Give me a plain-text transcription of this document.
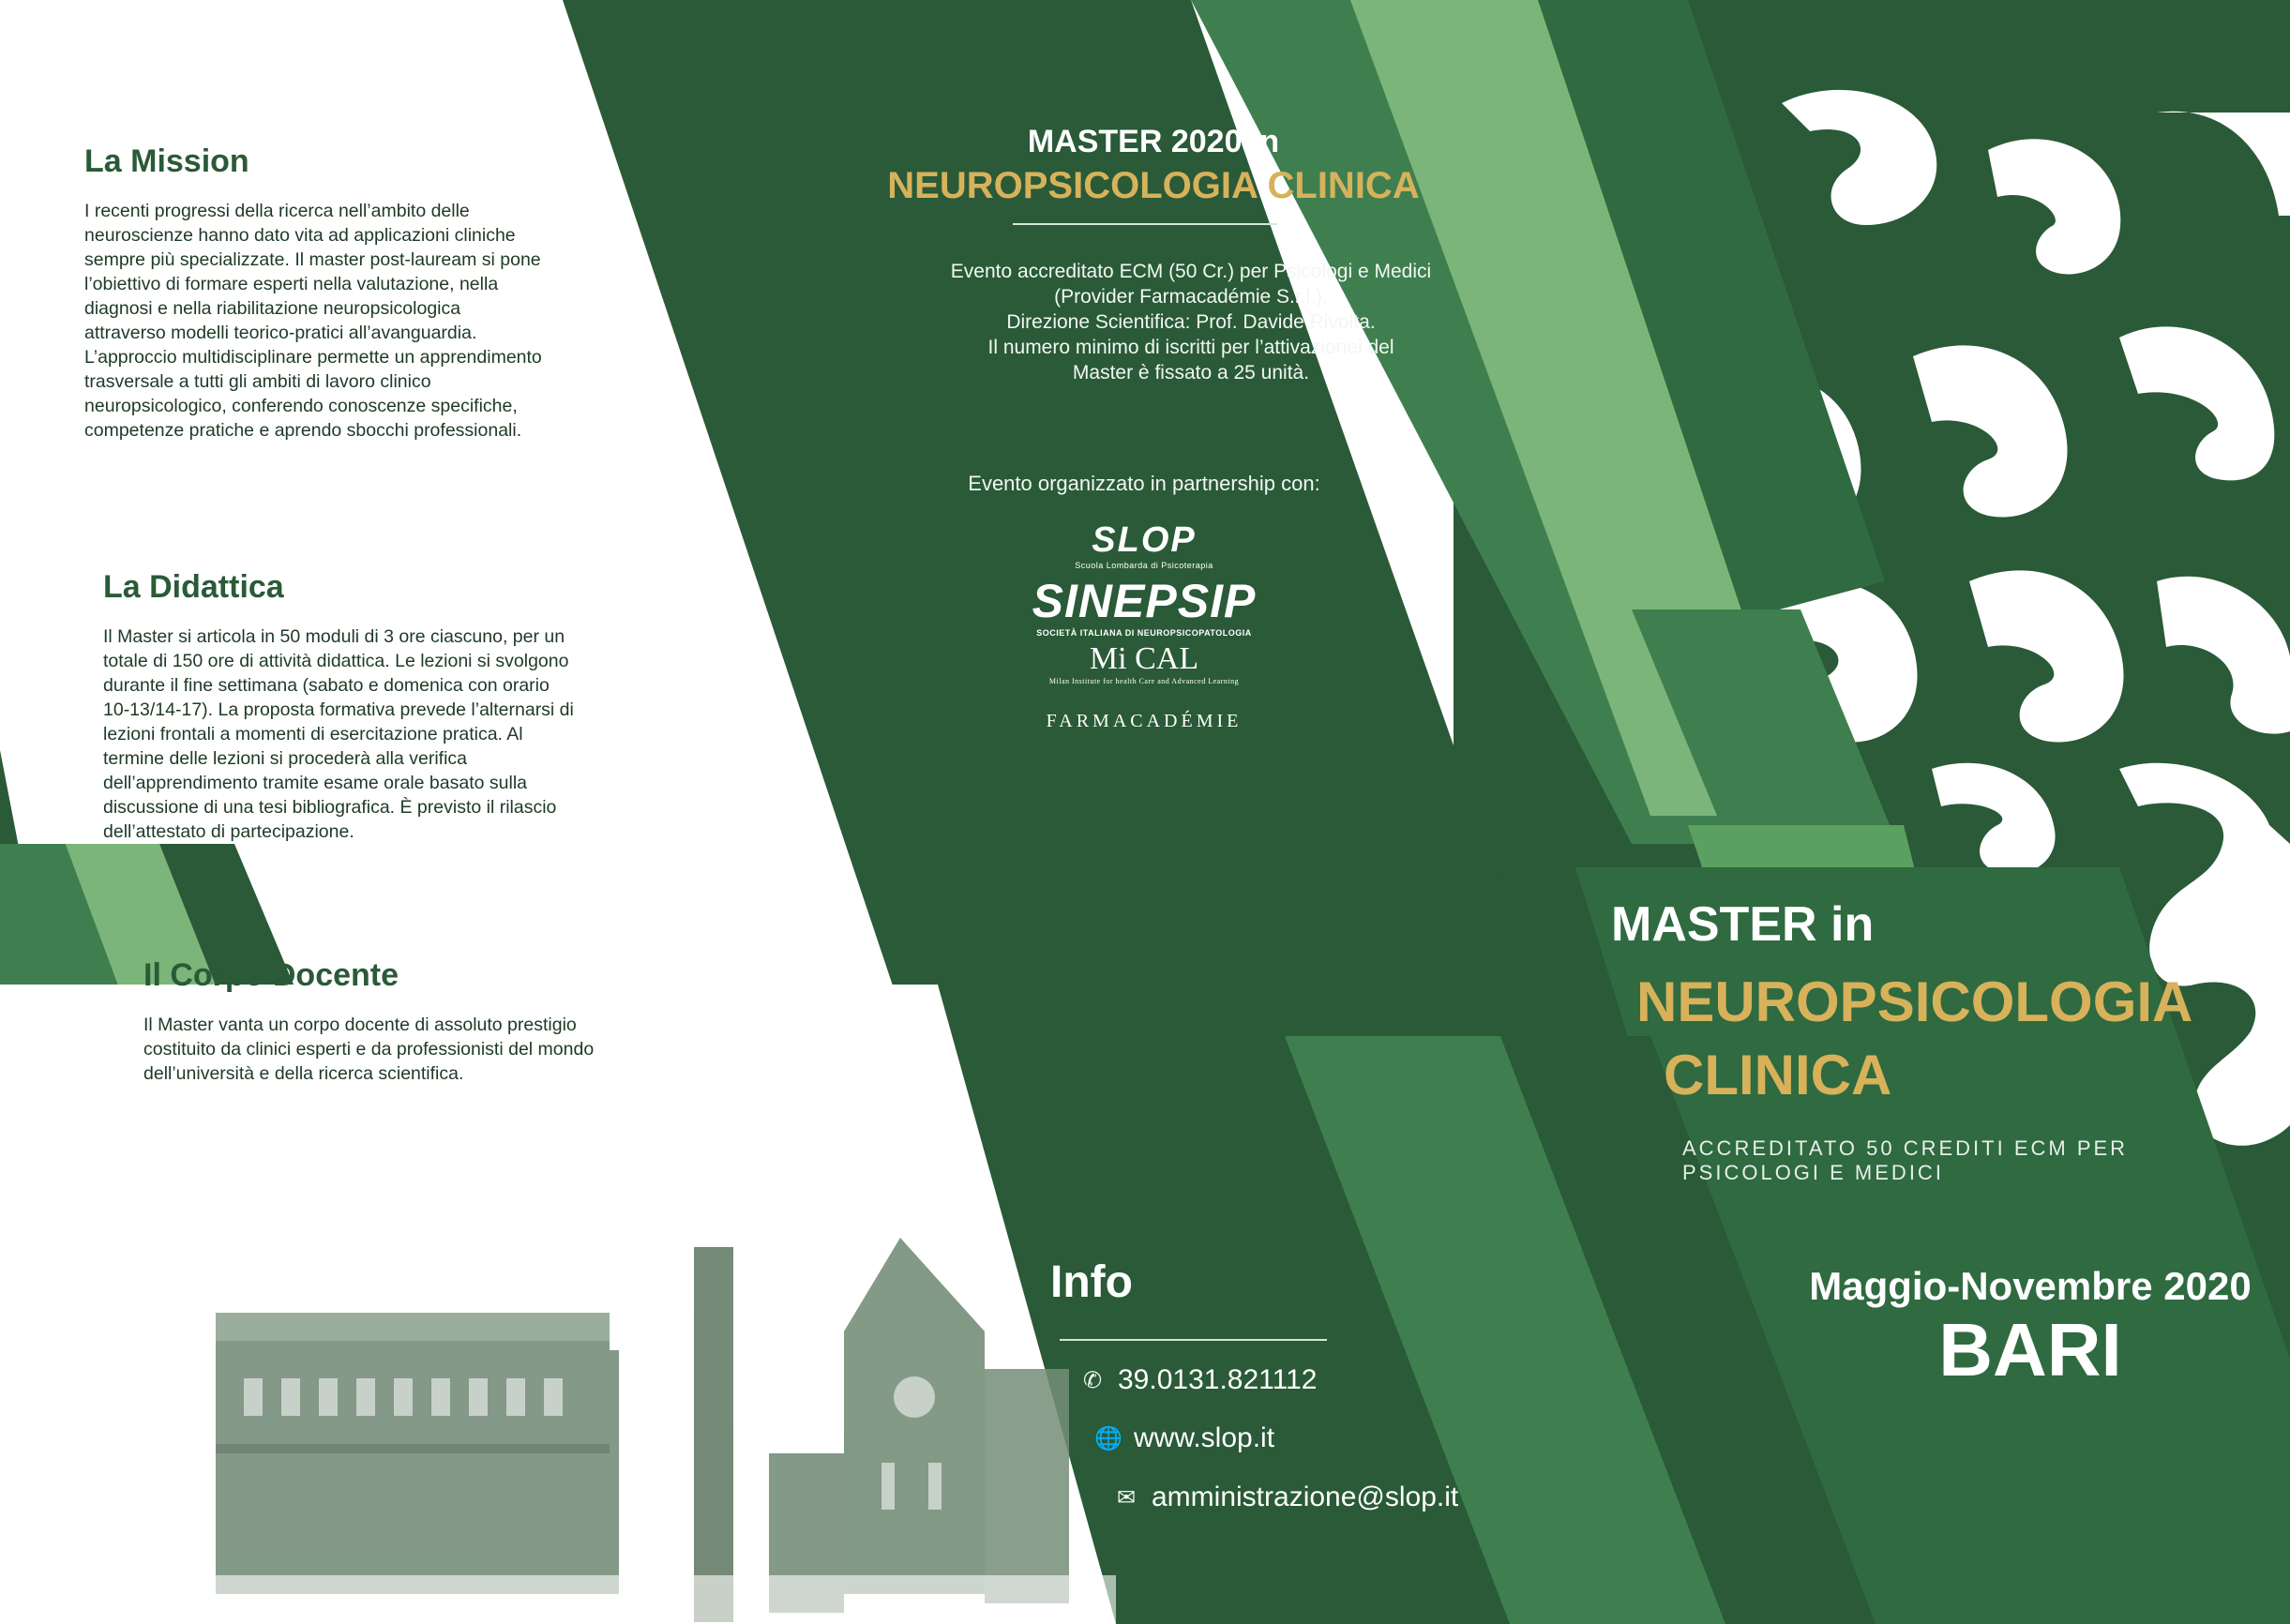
La Mission

I recenti progressi della ricerca nell’ambito delle neuroscienze hanno dato vita ad applicazioni cliniche sempre più specializzate. Il master post-lauream si pone l’obiettivo di formare esperti nella valutazione, nella diagnosi e nella riabilitazione neuropsicologica attraverso modelli teorico-pratici all’avanguardia. L’approccio multidisciplinare permette un apprendimento trasversale a tutti gli ambiti di lavoro clinico neuropsicologico, conferendo conoscenze specifiche, competenze pratiche e aprendo sbocchi professionali.

La Didattica

Il Master si articola in 50 moduli di 3 ore ciascuno, per un totale di 150 ore di attività didattica. Le lezioni si svolgono durante il fine settimana (sabato e domenica con orario 10-13/14-17). La proposta formativa prevede l’alternarsi di lezioni frontali a momenti di esercitazione pratica. Al termine delle lezioni si procederà alla verifica dell’apprendimento tramite esame orale basato sulla discussione di una tesi bibliografica. È previsto il rilascio dell’attestato di partecipazione.

Il Corpo Docente

Il Master vanta un corpo docente di assoluto prestigio costituito da clinici esperti e da professionisti del mondo dell’università e della ricerca scientifica.

MASTER 2020 in
NEUROPSICOLOGIA CLINICA

Evento accreditato ECM (50 Cr.) per Psicologi e Medici
(Provider Farmacadémie S.r.l.).
Direzione Scientifica: Prof. Davide Rivolta.
Il numero minimo di iscritti per l’attivazionei del
Master è fissato a 25 unità.

Evento organizzato in partnership con:
SLOP
Scuola Lombarda di Psicoterapia
SINEPSIP
SOCIETÀ ITALIANA DI NEUROPSICOPATOLOGIA
Mi CAL
Milan Institute for health Care and Advanced Learning
FARMACADÉMIE
Info
✆ 39.0131.821112
🌐 www.slop.it
✉ amministrazione@slop.it
MASTER in
NEUROPSICOLOGIA
CLINICA
ACCREDITATO 50 CREDITI ECM PER PSICOLOGI E MEDICI
Maggio-Novembre 2020
BARI
